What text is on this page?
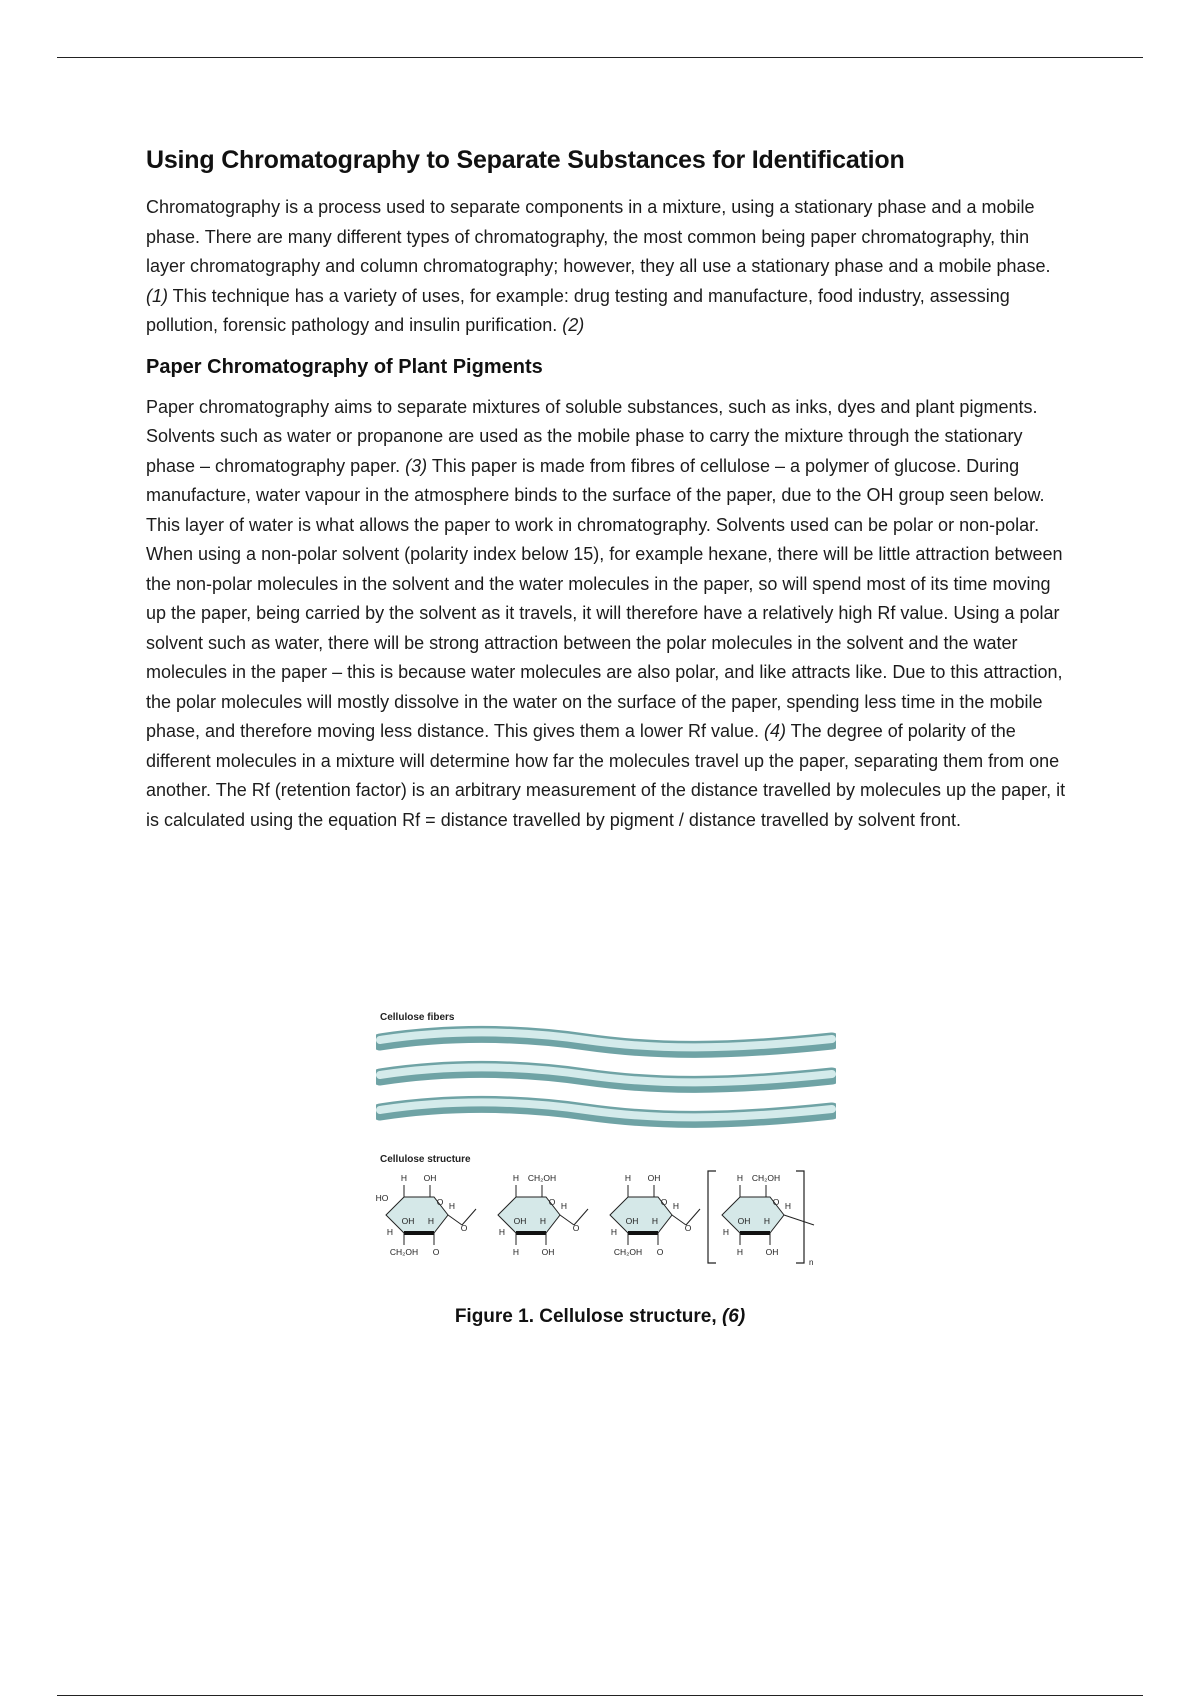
Using Chromatography to Separate Substances for Identification

Chromatography is a process used to separate components in a mixture, using a stationary phase and a mobile phase. There are many different types of chromatography, the most common being paper chromatography, thin layer chromatography and column chromatography; however, they all use a stationary phase and a mobile phase. (1) This technique has a variety of uses, for example: drug testing and manufacture, food industry, assessing pollution, forensic pathology and insulin purification. (2)

Paper Chromatography of Plant Pigments

Paper chromatography aims to separate mixtures of soluble substances, such as inks, dyes and plant pigments. Solvents such as water or propanone are used as the mobile phase to carry the mixture through the stationary phase – chromatography paper. (3) This paper is made from fibres of cellulose – a polymer of glucose. During manufacture, water vapour in the atmosphere binds to the surface of the paper, due to the OH group seen below. This layer of water is what allows the paper to work in chromatography. Solvents used can be polar or non-polar. When using a non-polar solvent (polarity index below 15), for example hexane, there will be little attraction between the non-polar molecules in the solvent and the water molecules in the paper, so will spend most of its time moving up the paper, being carried by the solvent as it travels, it will therefore have a relatively high Rf value. Using a polar solvent such as water, there will be strong attraction between the polar molecules in the solvent and the water molecules in the paper – this is because water molecules are also polar, and like attracts like. Due to this attraction, the polar molecules will mostly dissolve in the water on the surface of the paper, spending less time in the mobile phase, and therefore moving less distance. This gives them a lower Rf value. (4) The degree of polarity of the different molecules in a mixture will determine how far the molecules travel up the paper, separating them from one another. The Rf (retention factor) is an arbitrary measurement of the distance travelled by molecules up the paper, it is calculated using the equation Rf = distance travelled by pigment / distance travelled by solvent front.

Cellulose fibers
Cellulose structure
O
H OH
OH H
CH₂OH O
H
H
O
O
H CH₂OH
OH H
H	OH
H
H
O
O
H OH
OH H
CH₂OH O
H
H
O
O
H CH₂OH
OH H
H	OH
H
H
HO
n
Figure 1. Cellulose structure, (6)
